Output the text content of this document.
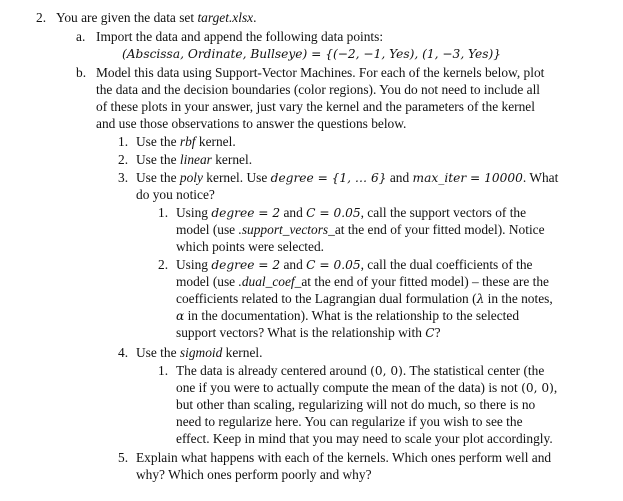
2. You are given the data set target.xlsx.
a. Import the data and append the following data points:
(Abscissa, Ordinate, Bullseye) = {(−2, −1, Yes), (1, −3, Yes)}
b. Model this data using Support-Vector Machines. For each of the kernels below, plot
the data and the decision boundaries (color regions). You do not need to include all
of these plots in your answer, just vary the kernel and the parameters of the kernel
and use those observations to answer the questions below.
1. Use the rbf kernel.
2. Use the linear kernel.
3. Use the poly kernel. Use degree = {1, … 6} and max_iter = 10000. What
do you notice?
1. Using degree = 2 and C = 0.05, call the support vectors of the
model (use .support_vectors_at the end of your fitted model). Notice
which points were selected.
2. Using degree = 2 and C = 0.05, call the dual coefficients of the
model (use .dual_coef_at the end of your fitted model) – these are the
coefficients related to the Lagrangian dual formulation (λ in the notes,
α in the documentation). What is the relationship to the selected
support vectors? What is the relationship with C?
4. Use the sigmoid kernel.
1. The data is already centered around (0, 0). The statistical center (the
one if you were to actually compute the mean of the data) is not (0, 0),
but other than scaling, regularizing will not do much, so there is no
need to regularize here. You can regularize if you wish to see the
effect. Keep in mind that you may need to scale your plot accordingly.
5. Explain what happens with each of the kernels. Which ones perform well and
why? Which ones perform poorly and why?
